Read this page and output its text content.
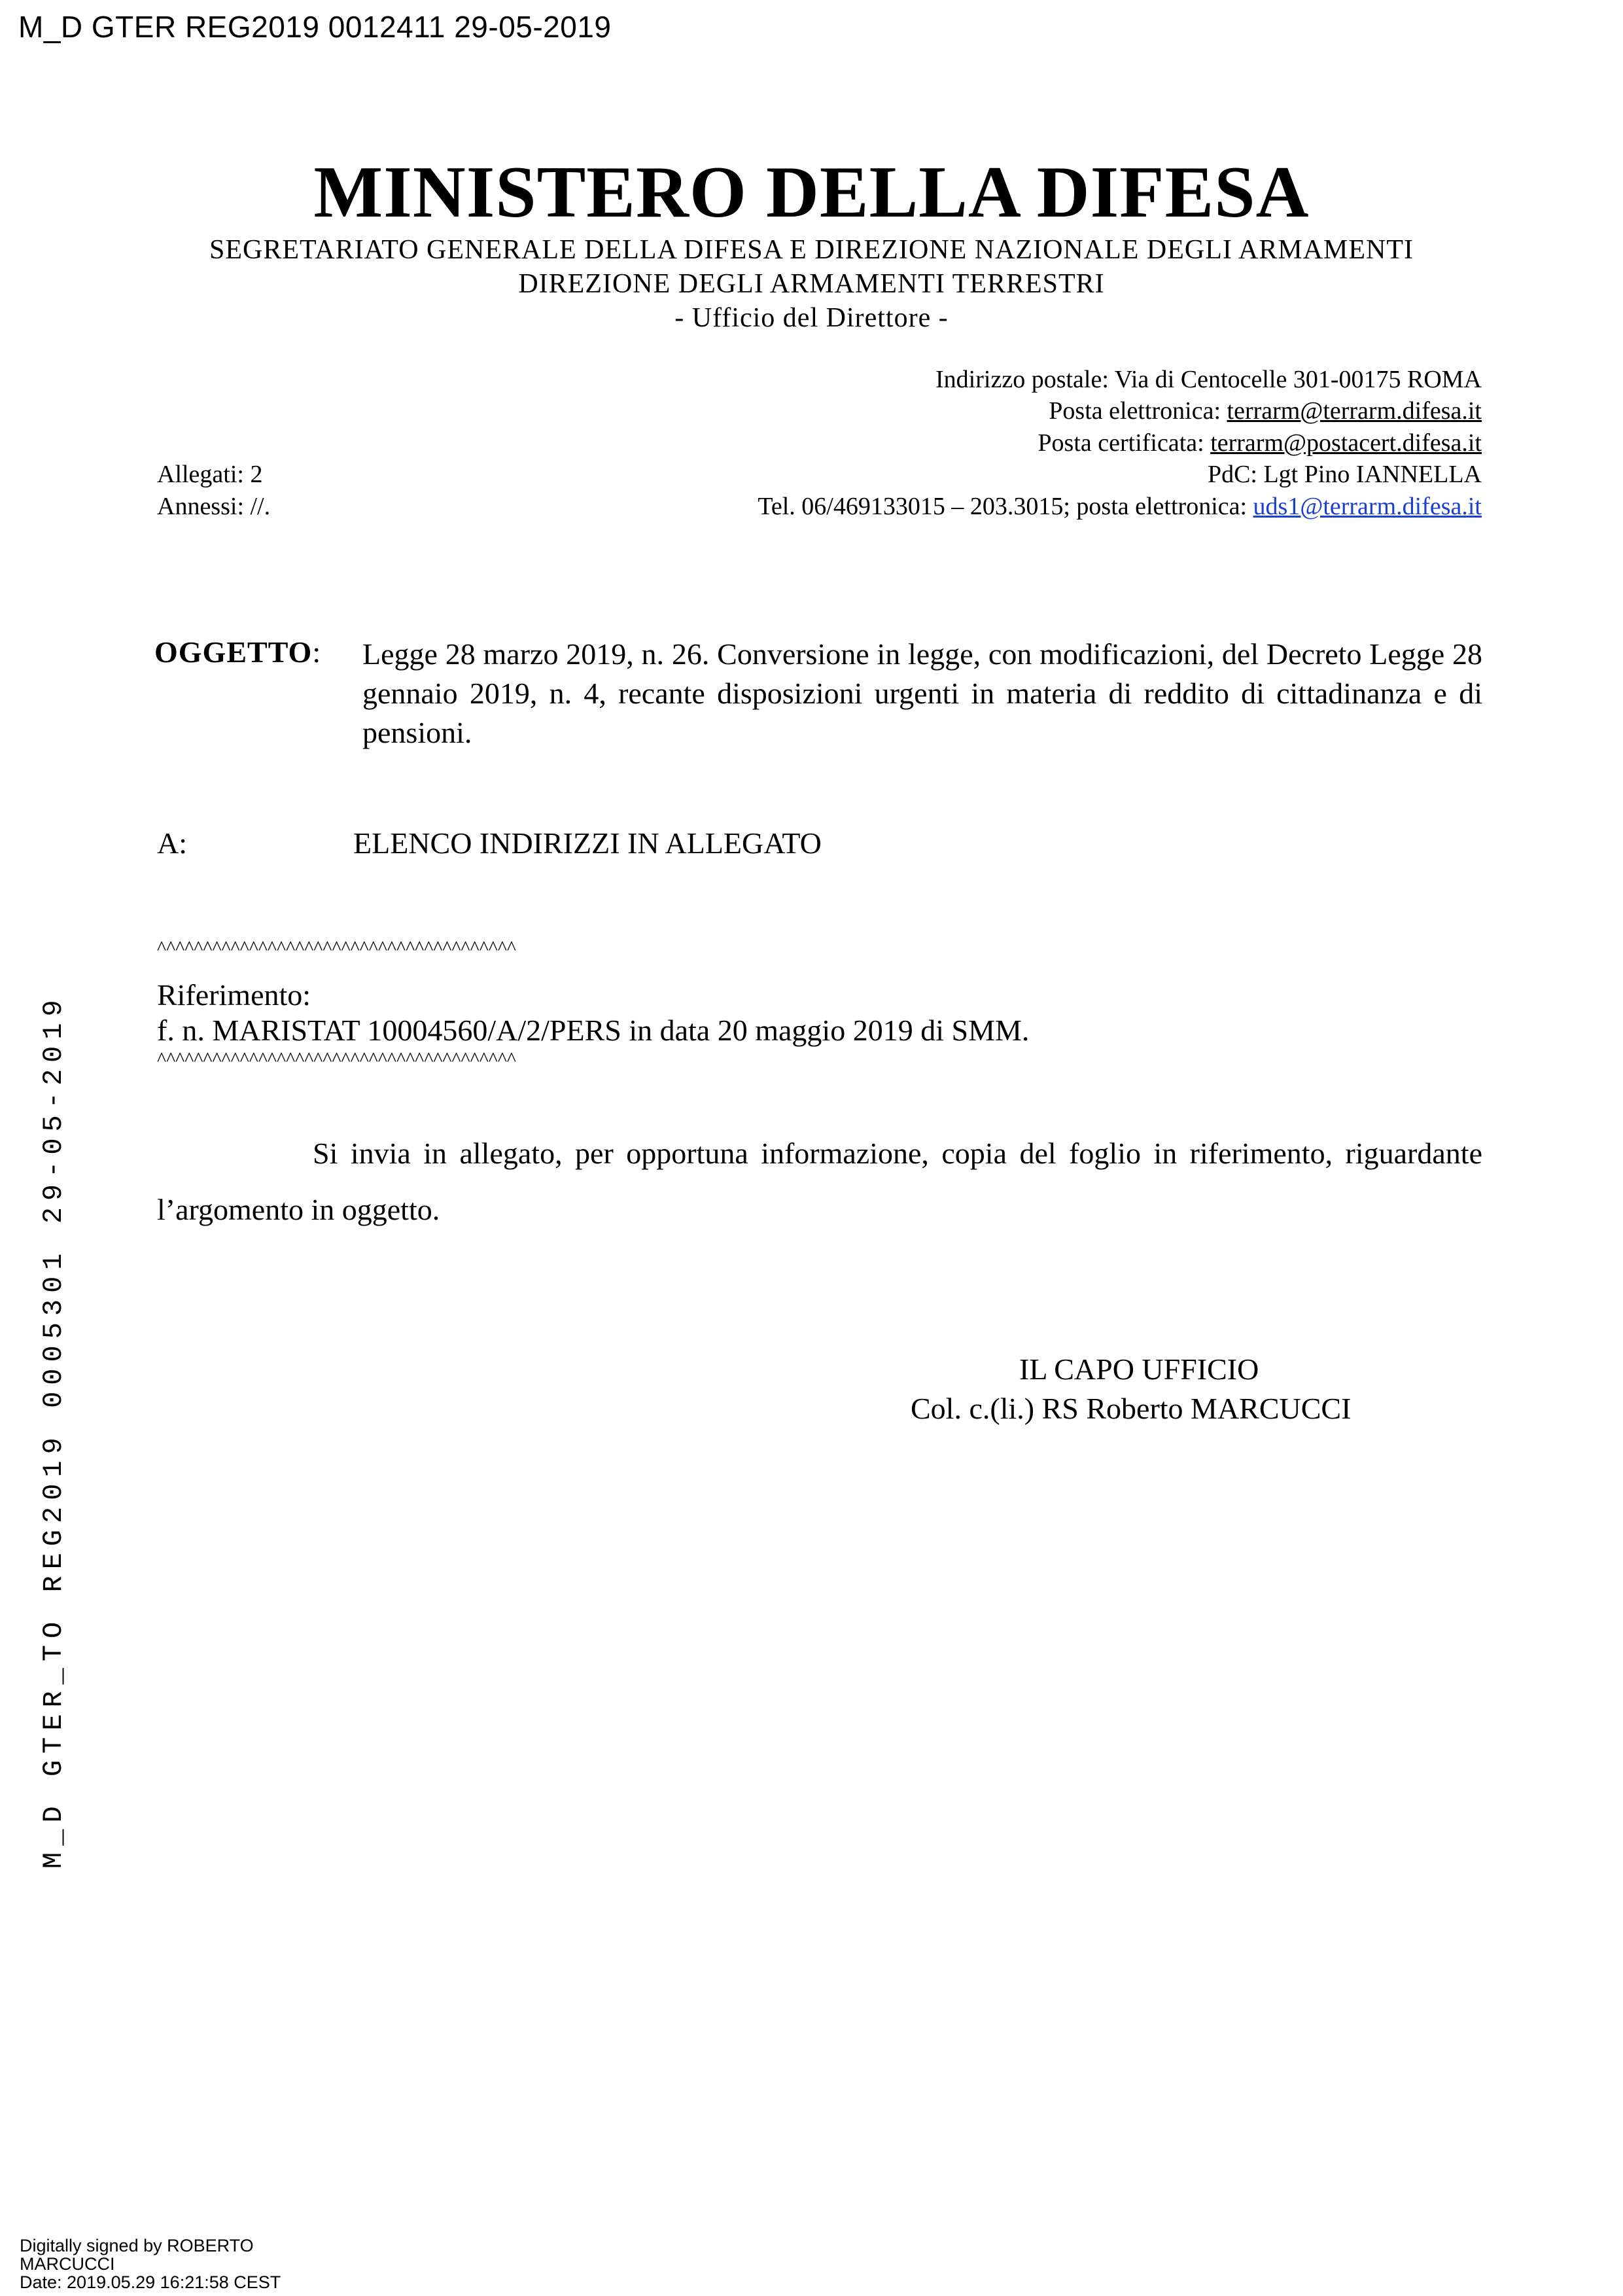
M_D GTER REG2019 0012411 29-05-2019
MINISTERO DELLA DIFESA
SEGRETARIATO GENERALE DELLA DIFESA E DIREZIONE NAZIONALE DEGLI ARMAMENTI
DIREZIONE DEGLI ARMAMENTI TERRESTRI
- Ufficio del Direttore -
Indirizzo postale: Via di Centocelle 301-00175 ROMA
Posta elettronica: terrarm@terrarm.difesa.it
Posta certificata: terrarm@postacert.difesa.it
PdC: Lgt Pino IANNELLA
Tel. 06/469133015 – 203.3015; posta elettronica: uds1@terrarm.difesa.it
Allegati: 2
Annessi: //.
OGGETTO: Legge 28 marzo 2019, n. 26. Conversione in legge, con modificazioni, del Decreto Legge 28 gennaio 2019, n. 4, recante disposizioni urgenti in materia di reddito di cittadinanza e di pensioni.
A:	ELENCO INDIRIZZI IN ALLEGATO
^^^^^^^^^^^^^^^^^^^^^^^^^^^^^^^^^^^^^^^
Riferimento:
f. n. MARISTAT 10004560/A/2/PERS in data 20 maggio 2019 di SMM.
^^^^^^^^^^^^^^^^^^^^^^^^^^^^^^^^^^^^^^^
Si invia in allegato, per opportuna informazione, copia del foglio in riferimento, riguardante l’argomento in oggetto.
IL CAPO UFFICIO
Col. c.(li.) RS Roberto MARCUCCI
M_D GTER_TO REG2019 0005301 29-05-2019
Digitally signed by ROBERTO
MARCUCCI
Date: 2019.05.29 16:21:58 CEST
